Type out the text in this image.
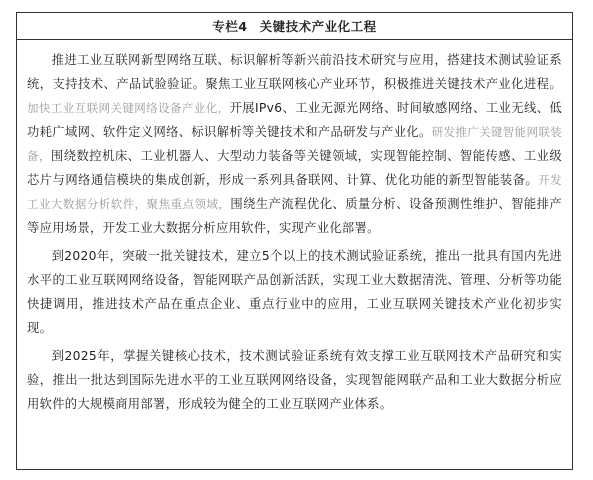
专栏4 关键技术产业化工程

推进工业互联网新型网络互联、标识解析等新兴前沿技术研究与应用，搭建技术测试验证系统，支持技术、产品试验验证。聚焦工业互联网核心产业环节，积极推进关键技术产业化进程。加快工业互联网关键网络设备产业化，开展IPv6、工业无源光网络、时间敏感网络、工业无线、低功耗广域网、软件定义网络、标识解析等关键技术和产品研发与产业化。研发推广关键智能网联装备，围绕数控机床、工业机器人、大型动力装备等关键领域，实现智能控制、智能传感、工业级芯片与网络通信模块的集成创新，形成一系列具备联网、计算、优化功能的新型智能装备。开发工业大数据分析软件，聚焦重点领域，围绕生产流程优化、质量分析、设备预测性维护、智能排产等应用场景，开发工业大数据分析应用软件，实现产业化部署。

到2020年，突破一批关键技术，建立5个以上的技术测试验证系统，推出一批具有国内先进水平的工业互联网网络设备，智能网联产品创新活跃，实现工业大数据清洗、管理、分析等功能快捷调用，推进技术产品在重点企业、重点行业中的应用，工业互联网关键技术产业化初步实现。

到2025年，掌握关键核心技术，技术测试验证系统有效支撑工业互联网技术产品研究和实验，推出一批达到国际先进水平的工业互联网网络设备，实现智能网联产品和工业大数据分析应用软件的大规模商用部署，形成较为健全的工业互联网产业体系。
